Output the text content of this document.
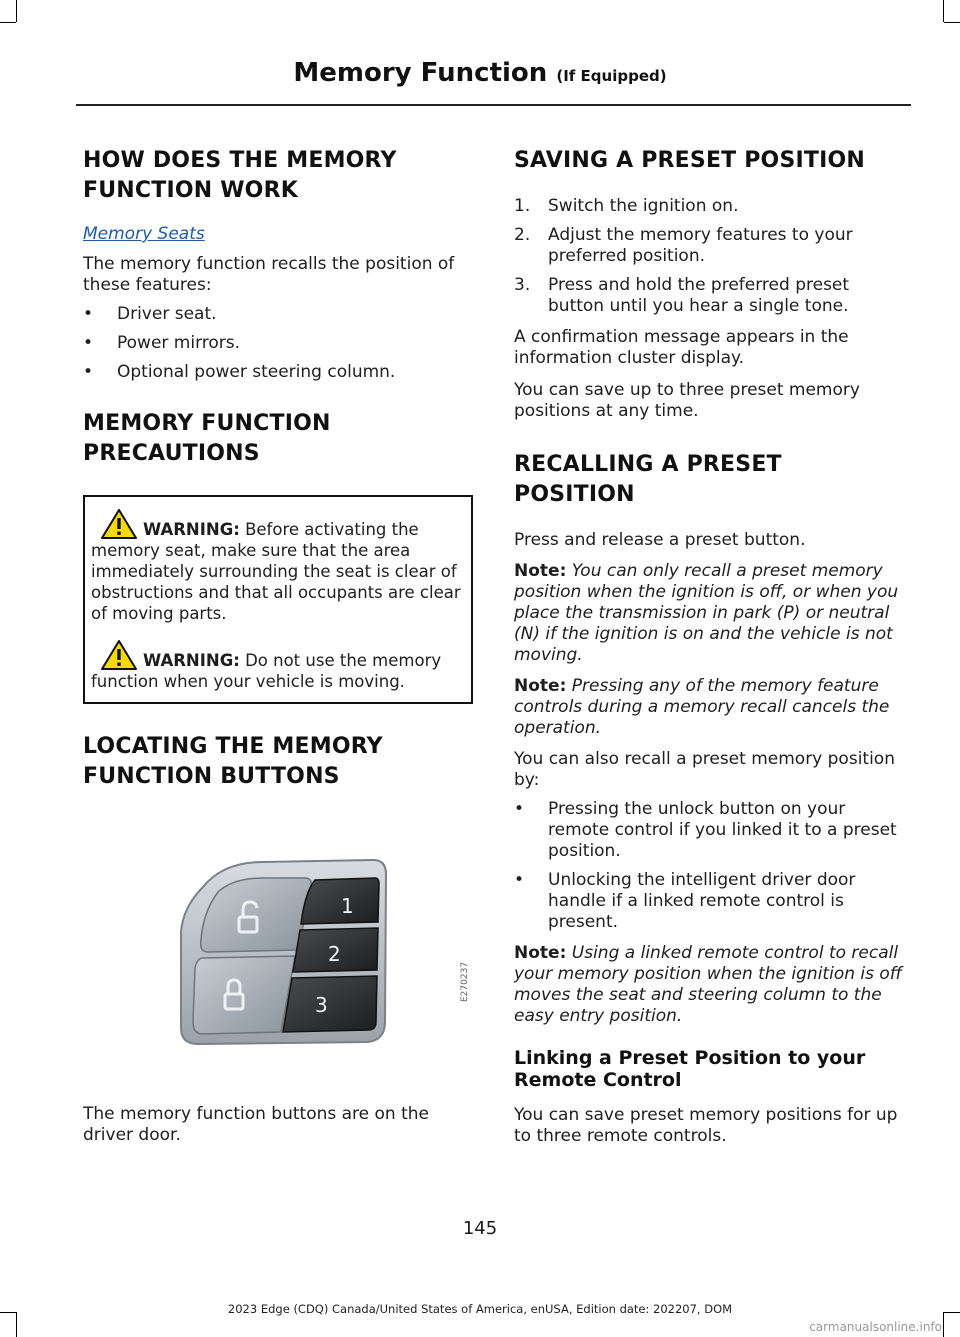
Memory Function (If Equipped)
HOW DOES THE MEMORY
FUNCTION WORK
Memory Seats

The memory function recalls the position of these features:

• Driver seat.
• Power mirrors.
• Optional power steering column.
MEMORY FUNCTION
PRECAUTIONS

WARNING: Before activating the memory seat, make sure that the area immediately surrounding the seat is clear of obstructions and that all occupants are clear of moving parts.

WARNING: Do not use the memory function when your vehicle is moving.

LOCATING THE MEMORY
FUNCTION BUTTONS
1
2
3
E270237

The memory function buttons are on the driver door.

SAVING A PRESET POSITION
1. Switch the ignition on.
2. Adjust the memory features to your preferred position.
3. Press and hold the preferred preset button until you hear a single tone.

A confirmation message appears in the information cluster display.

You can save up to three preset memory positions at any time.

RECALLING A PRESET
POSITION

Press and release a preset button.

Note: You can only recall a preset memory position when the ignition is off, or when you place the transmission in park (P) or neutral (N) if the ignition is on and the vehicle is not moving.

Note: Pressing any of the memory feature controls during a memory recall cancels the operation.

You can also recall a preset memory position by:

• Pressing the unlock button on your remote control if you linked it to a preset position.
• Unlocking the intelligent driver door handle if a linked remote control is present.

Note: Using a linked remote control to recall your memory position when the ignition is off moves the seat and steering column to the easy entry position.

Linking a Preset Position to your Remote Control

You can save preset memory positions for up to three remote controls.

145
2023 Edge (CDQ) Canada/United States of America, enUSA, Edition date: 202207, DOM
carmanualsonline.info
